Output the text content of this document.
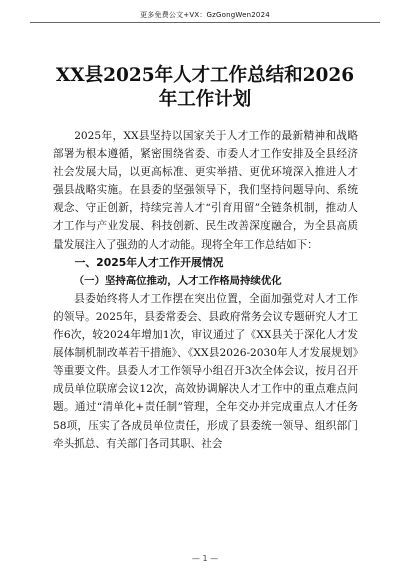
更多免费公文+VX：GzGongWen2024
XX县2025年人才工作总结和2026年工作计划

2025年，XX县坚持以国家关于人才工作的最新精神和战略部署为根本遵循，紧密围绕省委、市委人才工作安排及全县经济社会发展大局，以更高标准、更实举措、更优环境深入推进人才强县战略实施。在县委的坚强领导下，我们坚持问题导向、系统观念、守正创新，持续完善人才“引育用留”全链条机制，推动人才工作与产业发展、科技创新、民生改善深度融合，为全县高质量发展注入了强劲的人才动能。现将全年工作总结如下：

一、2025年人才工作开展情况

（一）坚持高位推动，人才工作格局持续优化

县委始终将人才工作摆在突出位置，全面加强党对人才工作的领导。2025年，县委常委会、县政府常务会议专题研究人才工作6次，较2024年增加1次，审议通过了《XX县关于深化人才发展体制机制改革若干措施》、《XX县2026-2030年人才发展规划》等重要文件。县委人才工作领导小组召开3次全体会议，按月召开成员单位联席会议12次，高效协调解决人才工作中的重点难点问题。通过“清单化+责任制”管理，全年交办并完成重点人才任务58项，压实了各成员单位责任，形成了县委统一领导、组织部门牵头抓总、有关部门各司其职、社会

— 1 —
